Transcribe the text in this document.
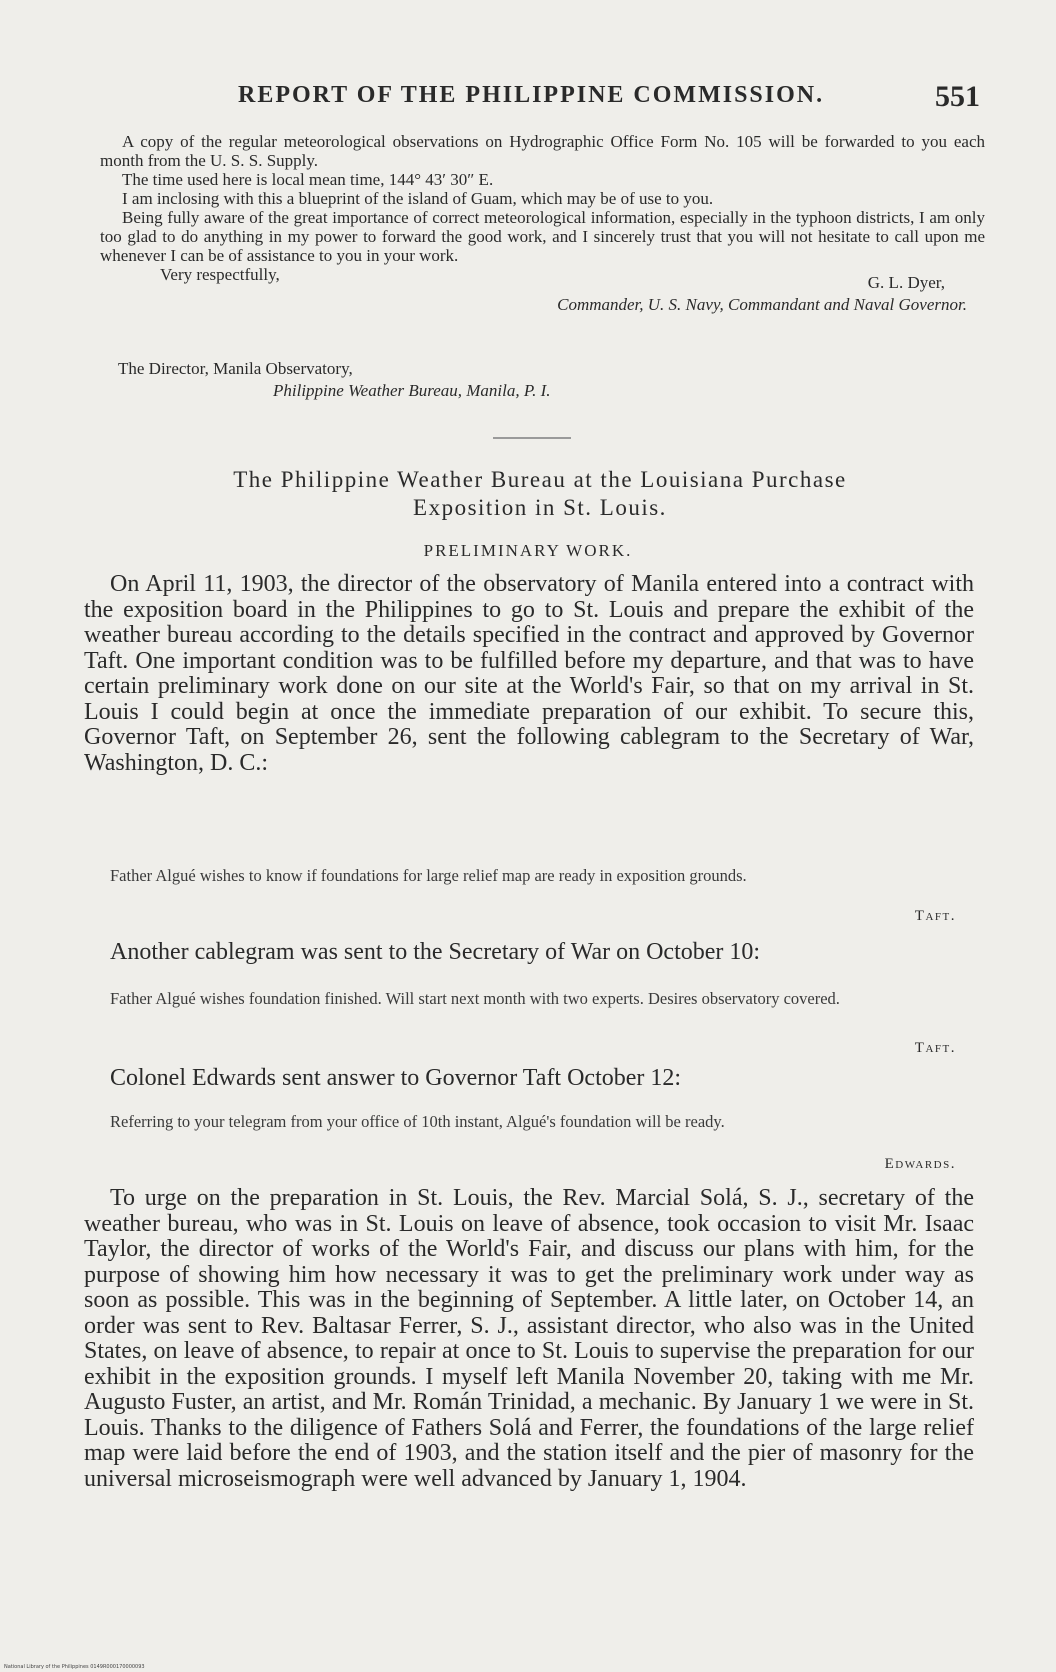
REPORT OF THE PHILIPPINE COMMISSION.	551

A copy of the regular meteorological observations on Hydrographic Office Form No. 105 will be forwarded to you each month from the U. S. S. Supply.

The time used here is local mean time, 144° 43′ 30″ E.

I am inclosing with this a blueprint of the island of Guam, which may be of use to you.

Being fully aware of the great importance of correct meteorological information, especially in the typhoon districts, I am only too glad to do anything in my power to forward the good work, and I sincerely trust that you will not hesitate to call upon me whenever I can be of assistance to you in your work.

Very respectfully,	G. L. Dyer,
Commander, U. S. Navy, Commandant and Naval Governor.
The Director, Manila Observatory,
Philippine Weather Bureau, Manila, P. I.
The Philippine Weather Bureau at the Louisiana Purchase
Exposition in St. Louis.
PRELIMINARY WORK.

On April 11, 1903, the director of the observatory of Manila entered into a contract with the exposition board in the Philippines to go to St. Louis and prepare the exhibit of the weather bureau according to the details specified in the contract and approved by Governor Taft. One important condition was to be fulfilled before my departure, and that was to have certain preliminary work done on our site at the World's Fair, so that on my arrival in St. Louis I could begin at once the immediate preparation of our exhibit. To secure this, Governor Taft, on September 26, sent the following cablegram to the Secretary of War, Washington, D. C.:

Father Algué wishes to know if foundations for large relief map are ready in exposition grounds.

Taft.

Another cablegram was sent to the Secretary of War on October 10:

Father Algué wishes foundation finished. Will start next month with two experts. Desires observatory covered.

Taft.

Colonel Edwards sent answer to Governor Taft October 12:

Referring to your telegram from your office of 10th instant, Algué's foundation will be ready.

Edwards.

To urge on the preparation in St. Louis, the Rev. Marcial Solá, S. J., secretary of the weather bureau, who was in St. Louis on leave of absence, took occasion to visit Mr. Isaac Taylor, the director of works of the World's Fair, and discuss our plans with him, for the purpose of showing him how necessary it was to get the preliminary work under way as soon as possible. This was in the beginning of September. A little later, on October 14, an order was sent to Rev. Baltasar Ferrer, S. J., assistant director, who also was in the United States, on leave of absence, to repair at once to St. Louis to supervise the preparation for our exhibit in the exposition grounds. I myself left Manila November 20, taking with me Mr. Augusto Fuster, an artist, and Mr. Román Trinidad, a mechanic. By January 1 we were in St. Louis. Thanks to the diligence of Fathers Solá and Ferrer, the foundations of the large relief map were laid before the end of 1903, and the station itself and the pier of masonry for the universal microseismograph were well advanced by January 1, 1904.

National Library of the Philippines 0149R000170000093
